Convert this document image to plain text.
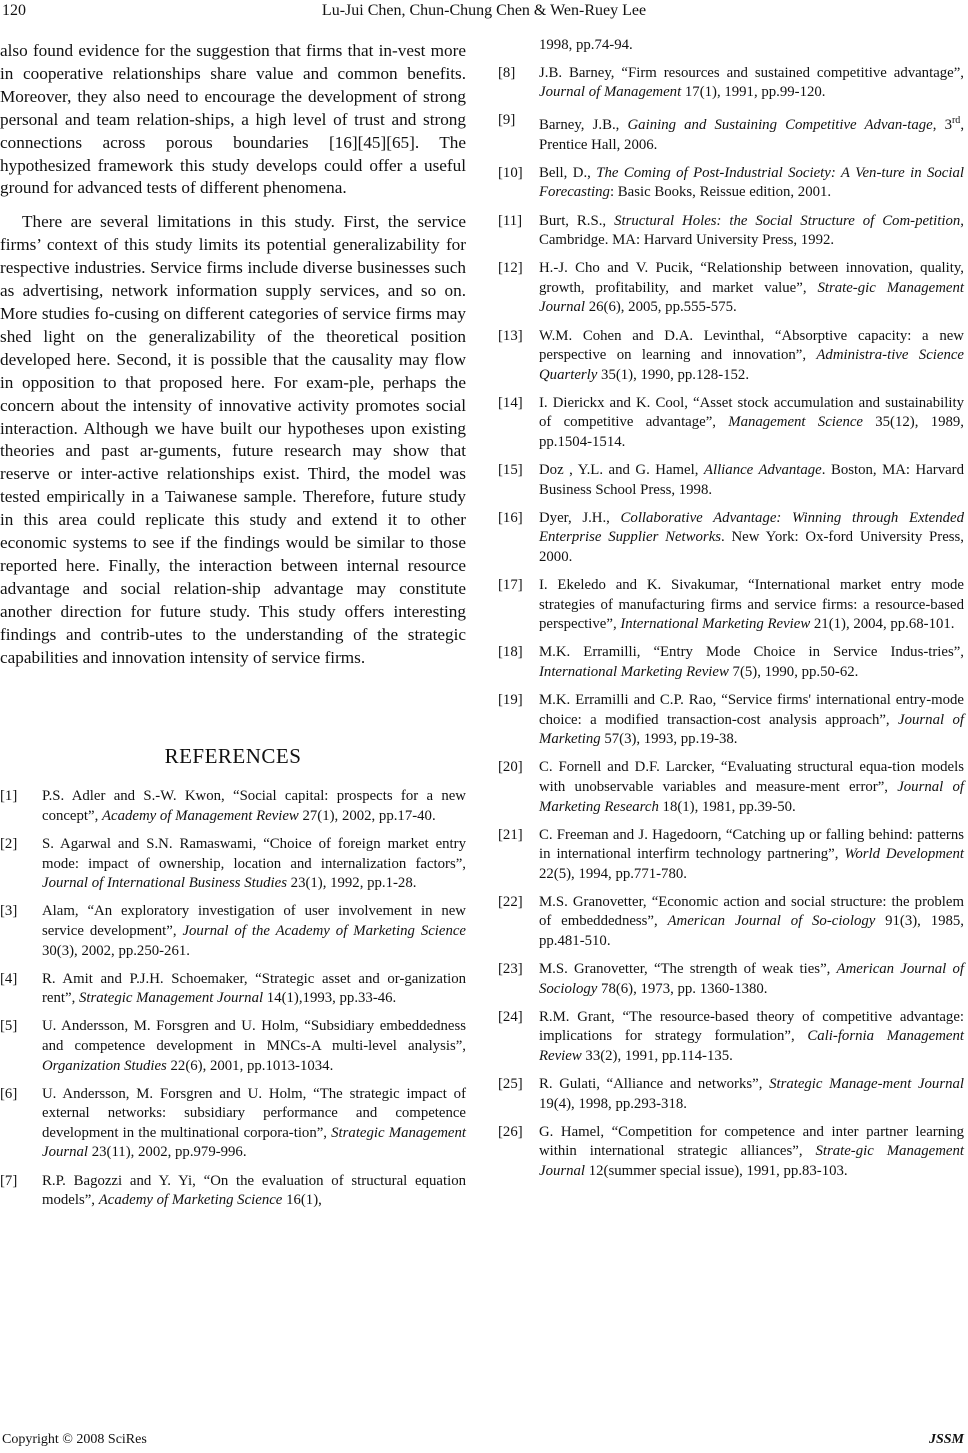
120	Lu-Jui Chen, Chun-Chung Chen & Wen-Ruey Lee

also found evidence for the suggestion that firms that in-vest more in cooperative relationships share value and common benefits. Moreover, they also need to encourage the development of strong personal and team relation-ships, a high level of trust and strong connections across porous boundaries [16][45][65]. The hypothesized framework this study develops could offer a useful ground for advanced tests of different phenomena.

There are several limitations in this study. First, the service firms’ context of this study limits its potential generalizability for respective industries. Service firms include diverse businesses such as advertising, network information supply services, and so on. More studies fo-cusing on different categories of service firms may shed light on the generalizability of the theoretical position developed here. Second, it is possible that the causality may flow in opposition to that proposed here. For exam-ple, perhaps the concern about the intensity of innovative activity promotes social interaction. Although we have built our hypotheses upon existing theories and past ar-guments, future research may show that reserve or inter-active relationships exist. Third, the model was tested empirically in a Taiwanese sample. Therefore, future study in this area could replicate this study and extend it to other economic systems to see if the findings would be similar to those reported here. Finally, the interaction between internal resource advantage and social relation-ship advantage may constitute another direction for future study. This study offers interesting findings and contrib-utes to the understanding of the strategic capabilities and innovation intensity of service firms.

REFERENCES
[1]	P.S. Adler and S.-W. Kwon, “Social capital: prospects for a new concept”, Academy of Management Review 27(1), 2002, pp.17-40.
[2]	S. Agarwal and S.N. Ramaswami, “Choice of foreign market entry mode: impact of ownership, location and internalization factors”, Journal of International Business Studies 23(1), 1992, pp.1-28.
[3]	Alam, “An exploratory investigation of user involvement in new service development”, Journal of the Academy of Marketing Science 30(3), 2002, pp.250-261.
[4]	R. Amit and P.J.H. Schoemaker, “Strategic asset and or-ganization rent”, Strategic Management Journal 14(1),1993, pp.33-46.
[5]	U. Andersson, M. Forsgren and U. Holm, “Subsidiary embeddedness and competence development in MNCs-A multi-level analysis”, Organization Studies 22(6), 2001, pp.1013-1034.
[6]	U. Andersson, M. Forsgren and U. Holm, “The strategic impact of external networks: subsidiary performance and competence development in the multinational corpora-tion”, Strategic Management Journal 23(11), 2002, pp.979-996.
[7]	R.P. Bagozzi and Y. Yi, “On the evaluation of structural equation models”, Academy of Marketing Science 16(1),
1998, pp.74-94.
[8]	J.B. Barney, “Firm resources and sustained competitive advantage”, Journal of Management 17(1), 1991, pp.99-120.
[9]	Barney, J.B., Gaining and Sustaining Competitive Advan-tage, 3rd, Prentice Hall, 2006.
[10]	Bell, D., The Coming of Post-Industrial Society: A Ven-ture in Social Forecasting: Basic Books, Reissue edition, 2001.
[11]	Burt, R.S., Structural Holes: the Social Structure of Com-petition, Cambridge. MA: Harvard University Press, 1992.
[12]	H.-J. Cho and V. Pucik, “Relationship between innovation, quality, growth, profitability, and market value”, Strate-gic Management Journal 26(6), 2005, pp.555-575.
[13]	W.M. Cohen and D.A. Levinthal, “Absorptive capacity: a new perspective on learning and innovation”, Administra-tive Science Quarterly 35(1), 1990, pp.128-152.
[14]	I. Dierickx and K. Cool, “Asset stock accumulation and sustainability of competitive advantage”, Management Science 35(12), 1989, pp.1504-1514.
[15]	Doz , Y.L. and G. Hamel, Alliance Advantage. Boston, MA: Harvard Business School Press, 1998.
[16]	Dyer, J.H., Collaborative Advantage: Winning through Extended Enterprise Supplier Networks. New York: Ox-ford University Press, 2000.
[17]	I. Ekeledo and K. Sivakumar, “International market entry mode strategies of manufacturing firms and service firms: a resource-based perspective”, International Marketing Review 21(1), 2004, pp.68-101.
[18]	M.K. Erramilli, “Entry Mode Choice in Service Indus-tries”, International Marketing Review 7(5), 1990, pp.50-62.
[19]	M.K. Erramilli and C.P. Rao, “Service firms' international entry-mode choice: a modified transaction-cost analysis approach”, Journal of Marketing 57(3), 1993, pp.19-38.
[20]	C. Fornell and D.F. Larcker, “Evaluating structural equa-tion models with unobservable variables and measure-ment error”, Journal of Marketing Research 18(1), 1981, pp.39-50.
[21]	C. Freeman and J. Hagedoorn, “Catching up or falling behind: patterns in international interfirm technology partnering”, World Development 22(5), 1994, pp.771-780.
[22]	M.S. Granovetter, “Economic action and social structure: the problem of embeddedness”, American Journal of So-ciology 91(3), 1985, pp.481-510.
[23]	M.S. Granovetter, “The strength of weak ties”, American Journal of Sociology 78(6), 1973, pp. 1360-1380.
[24]	R.M. Grant, “The resource-based theory of competitive advantage: implications for strategy formulation”, Cali-fornia Management Review 33(2), 1991, pp.114-135.
[25]	R. Gulati, “Alliance and networks”, Strategic Manage-ment Journal 19(4), 1998, pp.293-318.
[26]	G. Hamel, “Competition for competence and inter partner learning within international strategic alliances”, Strate-gic Management Journal 12(summer special issue), 1991, pp.83-103.
Copyright © 2008 SciRes	JSSM
